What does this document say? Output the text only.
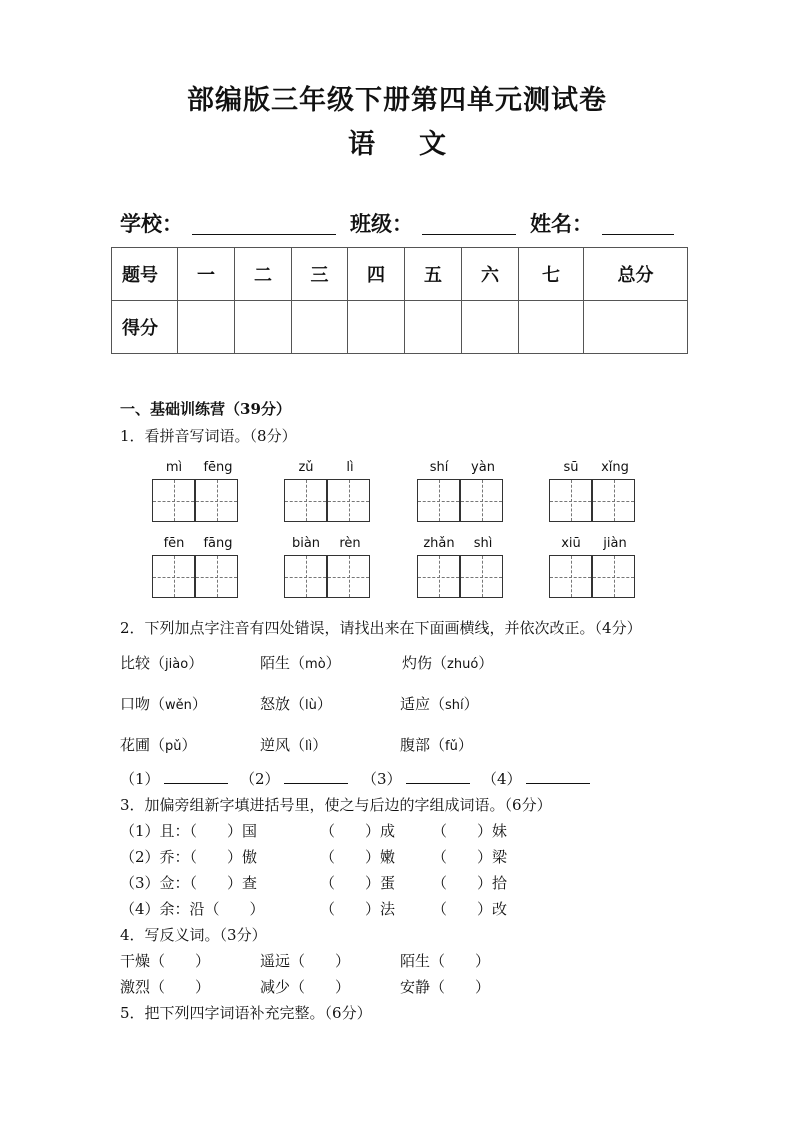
部编版三年级下册第四单元测试卷
语 文
学校：	班级：	姓名：
题号	一	二	三	四	五	六	七	总分
得分								
一、基础训练营（39分）
1．看拼音写词语。（8分）
mì	fēng	zǔ	lì	shí	yàn	sū	xǐng
fēn	fāng	biàn	rèn	zhǎn	shì	xiū	jiàn
2．下列加点字注音有四处错误，请找出来在下面画横线，并依次改正。（4分）
比较（jiào）	陌生（mò）	灼伤（zhuó）
口吻（wěn）	怒放（lù）	适应（shí）
花圃（pǔ）	逆风（lì）	腹部（fǔ）
（1）	（2）	（3）	（4）
3．加偏旁组新字填进括号里，使之与后边的字组成词语。（6分）
（1）且：（　　）国	（　　）成 （　　）妹
（2）乔：（　　）傲	（　　）嫩 （　　）梁
（3）佥：（　　）查	（　　）蛋 （　　）拾
（4）余：沿（　　）	（　　）法 （　　）改
4．写反义词。（3分）
干燥（　　）	遥远（　　）	陌生（　　）
激烈（　　）	减少（　　）	安静（　　）
5．把下列四字词语补充完整。（6分）
